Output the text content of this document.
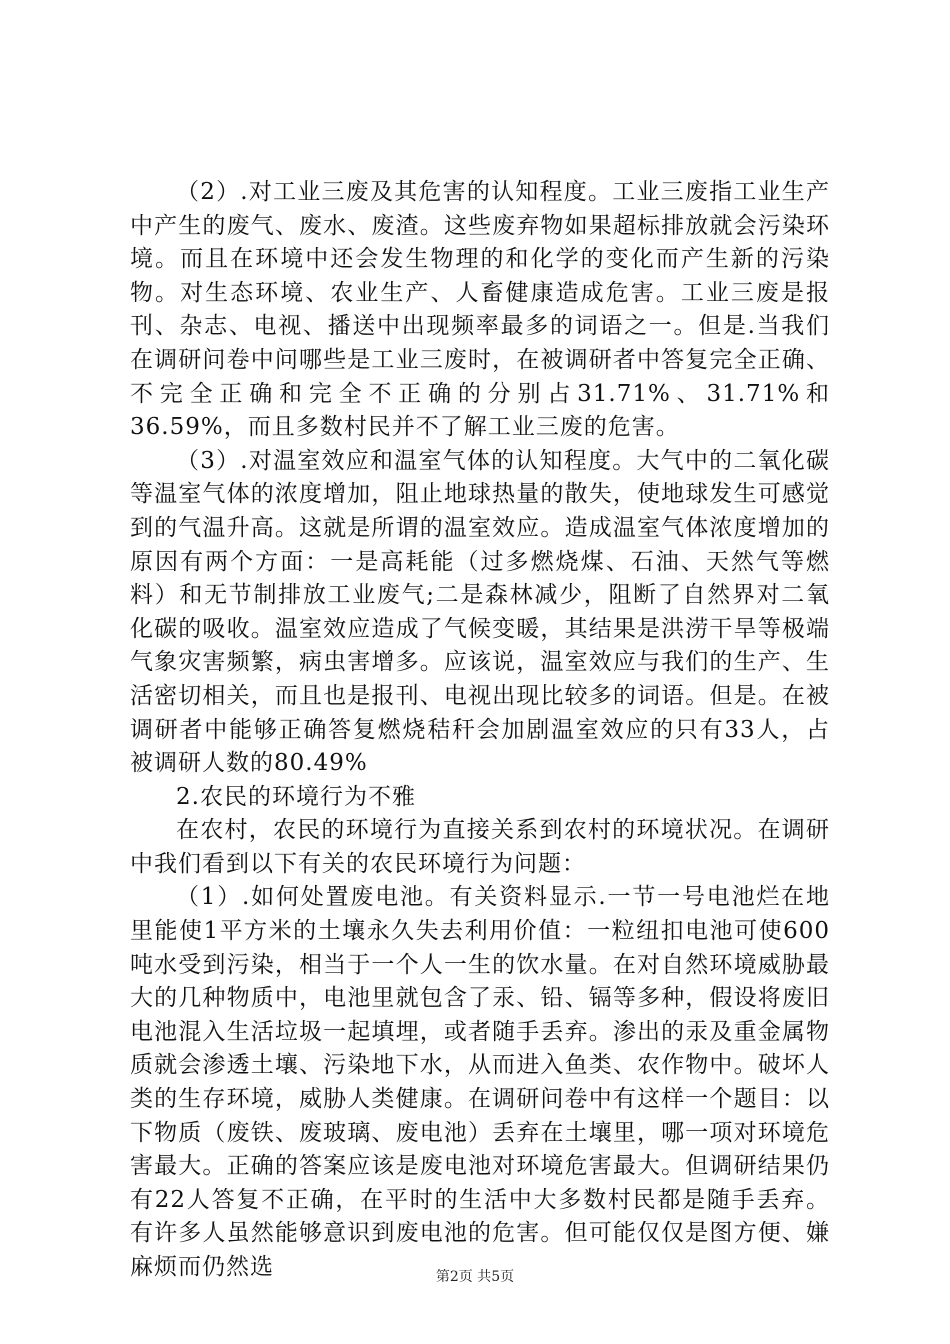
（2）.对工业三废及其危害的认知程度。工业三废指工业生产中产生的废气、废水、废渣。这些废弃物如果超标排放就会污染环境。而且在环境中还会发生物理的和化学的变化而产生新的污染物。对生态环境、农业生产、人畜健康造成危害。工业三废是报刊、杂志、电视、播送中出现频率最多的词语之一。但是.当我们在调研问卷中问哪些是工业三废时，在被调研者中答复完全正确、不完全正确和完全不正确的分别占31.71%、31.71%和36.59%，而且多数村民并不了解工业三废的危害。

（3）.对温室效应和温室气体的认知程度。大气中的二氧化碳等温室气体的浓度增加，阻止地球热量的散失，使地球发生可感觉到的气温升高。这就是所谓的温室效应。造成温室气体浓度增加的原因有两个方面：一是高耗能（过多燃烧煤、石油、天然气等燃料）和无节制排放工业废气;二是森林减少，阻断了自然界对二氧化碳的吸收。温室效应造成了气候变暖，其结果是洪涝干旱等极端气象灾害频繁，病虫害增多。应该说，温室效应与我们的生产、生活密切相关，而且也是报刊、电视出现比较多的词语。但是。在被调研者中能够正确答复燃烧秸秆会加剧温室效应的只有33人，占被调研人数的80.49%

2.农民的环境行为不雅

在农村，农民的环境行为直接关系到农村的环境状况。在调研中我们看到以下有关的农民环境行为问题：

（1）.如何处置废电池。有关资料显示.一节一号电池烂在地里能使1平方米的土壤永久失去利用价值：一粒纽扣电池可使600吨水受到污染，相当于一个人一生的饮水量。在对自然环境威胁最大的几种物质中，电池里就包含了汞、铅、镉等多种，假设将废旧电池混入生活垃圾一起填埋，或者随手丢弃。渗出的汞及重金属物质就会渗透土壤、污染地下水，从而进入鱼类、农作物中。破坏人类的生存环境，威胁人类健康。在调研问卷中有这样一个题目：以下物质（废铁、废玻璃、废电池）丢弃在土壤里，哪一项对环境危害最大。正确的答案应该是废电池对环境危害最大。但调研结果仍有22人答复不正确，在平时的生活中大多数村民都是随手丢弃。有许多人虽然能够意识到废电池的危害。但可能仅仅是图方便、嫌麻烦而仍然选	第2页 共5页
